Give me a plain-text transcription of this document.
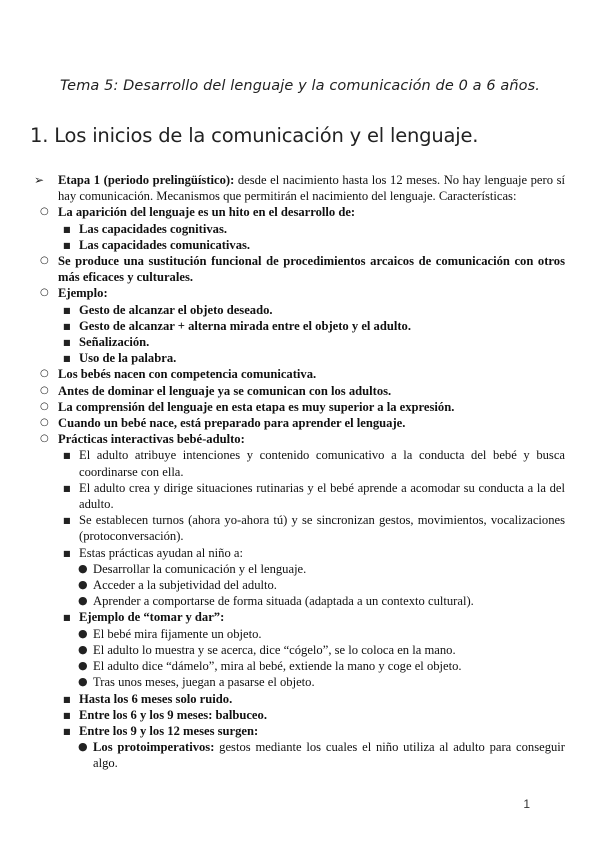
Tema 5: Desarrollo del lenguaje y la comunicación de 0 a 6 años.
1. Los inicios de la comunicación y el lenguaje.
➢ Etapa 1 (periodo prelingüístico): desde el nacimiento hasta los 12 meses. No hay lenguaje pero sí hay comunicación. Mecanismos que permitirán el nacimiento del lenguaje. Características:
○ La aparición del lenguaje es un hito en el desarrollo de:
■ Las capacidades cognitivas.
■ Las capacidades comunicativas.
○ Se produce una sustitución funcional de procedimientos arcaicos de comunicación con otros más eficaces y culturales.
○ Ejemplo:
■ Gesto de alcanzar el objeto deseado.
■ Gesto de alcanzar + alterna mirada entre el objeto y el adulto.
■ Señalización.
■ Uso de la palabra.
○ Los bebés nacen con competencia comunicativa.
○ Antes de dominar el lenguaje ya se comunican con los adultos.
○ La comprensión del lenguaje en esta etapa es muy superior a la expresión.
○ Cuando un bebé nace, está preparado para aprender el lenguaje.
○ Prácticas interactivas bebé-adulto:
■ El adulto atribuye intenciones y contenido comunicativo a la conducta del bebé y busca coordinarse con ella.
■ El adulto crea y dirige situaciones rutinarias y el bebé aprende a acomodar su conducta a la del adulto.
■ Se establecen turnos (ahora yo-ahora tú) y se sincronizan gestos, movimientos, vocalizaciones (protoconversación).
■ Estas prácticas ayudan al niño a:
● Desarrollar la comunicación y el lenguaje.
● Acceder a la subjetividad del adulto.
● Aprender a comportarse de forma situada (adaptada a un contexto cultural).
■ Ejemplo de “tomar y dar”:
● El bebé mira fijamente un objeto.
● El adulto lo muestra y se acerca, dice “cógelo”, se lo coloca en la mano.
● El adulto dice “dámelo”, mira al bebé, extiende la mano y coge el objeto.
● Tras unos meses, juegan a pasarse el objeto.
■ Hasta los 6 meses solo ruido.
■ Entre los 6 y los 9 meses: balbuceo.
■ Entre los 9 y los 12 meses surgen:
● Los protoimperativos: gestos mediante los cuales el niño utiliza al adulto para conseguir algo.
1
